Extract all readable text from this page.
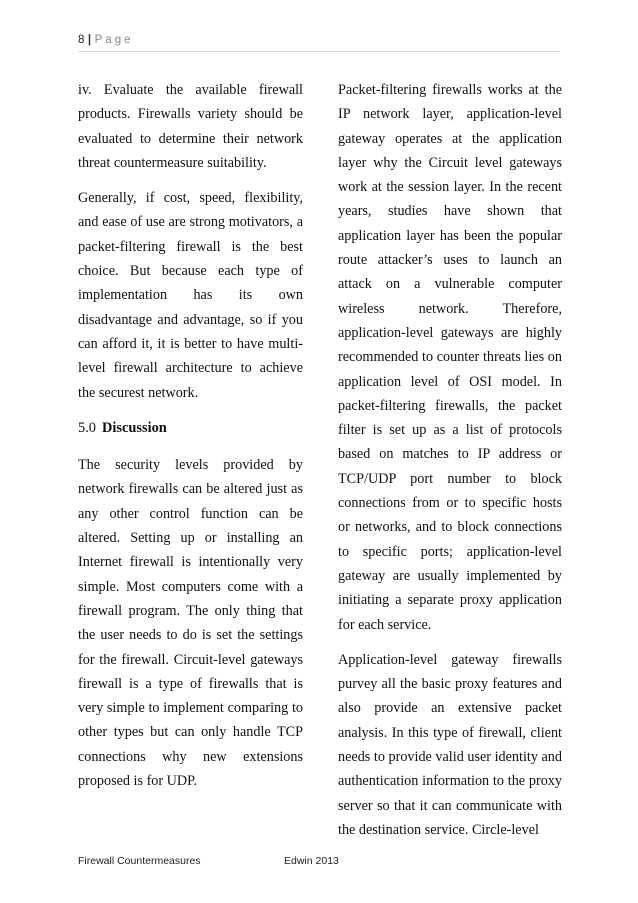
8 | Page

iv. Evaluate the available firewall products. Firewalls variety should be evaluated to determine their network threat countermeasure suitability.

Generally, if cost, speed, flexibility, and ease of use are strong motivators, a packet-filtering firewall is the best choice. But because each type of implementation has its own disadvantage and advantage, so if you can afford it, it is better to have multi-level firewall architecture to achieve the securest network.

5.0 Discussion

The security levels provided by network firewalls can be altered just as any other control function can be altered. Setting up or installing an Internet firewall is intentionally very simple. Most computers come with a firewall program. The only thing that the user needs to do is set the settings for the firewall. Circuit-level gateways firewall is a type of firewalls that is very simple to implement comparing to other types but can only handle TCP connections why new extensions proposed is for UDP.

Packet-filtering firewalls works at the IP network layer, application-level gateway operates at the application layer why the Circuit level gateways work at the session layer. In the recent years, studies have shown that application layer has been the popular route attacker’s uses to launch an attack on a vulnerable computer wireless network. Therefore, application-level gateways are highly recommended to counter threats lies on application level of OSI model. In packet-filtering firewalls, the packet filter is set up as a list of protocols based on matches to IP address or TCP/UDP port number to block connections from or to specific hosts or networks, and to block connections to specific ports; application-level gateway are usually implemented by initiating a separate proxy application for each service.

Application-level gateway firewalls purvey all the basic proxy features and also provide an extensive packet analysis. In this type of firewall, client needs to provide valid user identity and authentication information to the proxy server so that it can communicate with the destination service. Circle-level

Firewall Countermeasures	Edwin 2013
